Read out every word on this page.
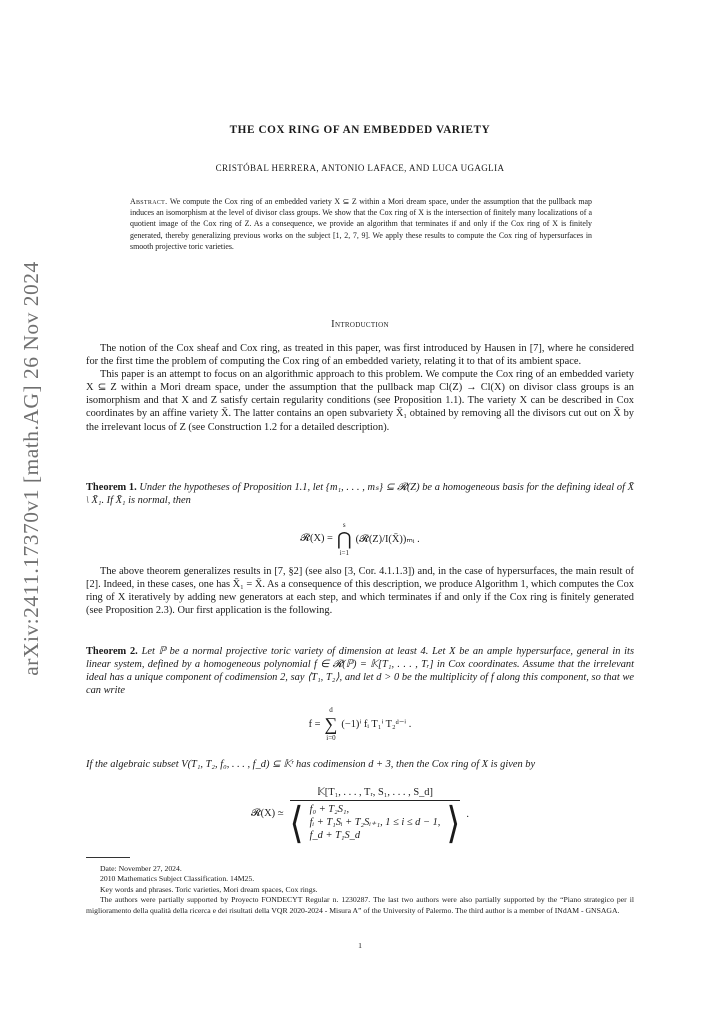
arXiv:2411.17370v1 [math.AG] 26 Nov 2024
THE COX RING OF AN EMBEDDED VARIETY
CRISTÓBAL HERRERA, ANTONIO LAFACE, AND LUCA UGAGLIA
Abstract. We compute the Cox ring of an embedded variety X ⊆ Z within a Mori dream space, under the assumption that the pullback map induces an isomorphism at the level of divisor class groups. We show that the Cox ring of X is the intersection of finitely many localizations of a quotient image of the Cox ring of Z. As a consequence, we provide an algorithm that terminates if and only if the Cox ring of X is finitely generated, thereby generalizing previous works on the subject [1, 2, 7, 9]. We apply these results to compute the Cox ring of hypersurfaces in smooth projective toric varieties.
Introduction

The notion of the Cox sheaf and Cox ring, as treated in this paper, was first introduced by Hausen in [7], where he considered for the first time the problem of computing the Cox ring of an embedded variety, relating it to that of its ambient space.

This paper is an attempt to focus on an algorithmic approach to this problem. We compute the Cox ring of an embedded variety X ⊆ Z within a Mori dream space, under the assumption that the pullback map Cl(Z) → Cl(X) on divisor class groups is an isomorphism and that X and Z satisfy certain regularity conditions (see Proposition 1.1). The variety X can be described in Cox coordinates by an affine variety X̄. The latter contains an open subvariety X̄₁ obtained by removing all the divisors cut out on X̄ by the irrelevant locus of Z (see Construction 1.2 for a detailed description).

Theorem 1. Under the hypotheses of Proposition 1.1, let {m₁, . . . , mₛ} ⊆ 𝓡(Z) be a homogeneous basis for the defining ideal of X̄ \ X̄₁. If X̄₁ is normal, then

𝓡(X) =
s
⋂
i=1
(𝓡(Z)/I(X̄))ₘᵢ .

The above theorem generalizes results in [7, §2] (see also [3, Cor. 4.1.1.3]) and, in the case of hypersurfaces, the main result of [2]. Indeed, in these cases, one has X̄₁ = X̄. As a consequence of this description, we produce Algorithm 1, which computes the Cox ring of X iteratively by adding new generators at each step, and which terminates if and only if the Cox ring is finitely generated (see Proposition 2.3). Our first application is the following.

Theorem 2. Let ℙ be a normal projective toric variety of dimension at least 4. Let X be an ample hypersurface, general in its linear system, defined by a homogeneous polynomial f ∈ 𝓡(ℙ) = 𝕂[T₁, . . . , Tᵣ] in Cox coordinates. Assume that the irrelevant ideal has a unique component of codimension 2, say ⟨T₁, T₂⟩, and let d > 0 be the multiplicity of f along this component, so that we can write

f =
d
∑
i=0
(−1)ⁱ fᵢ T₁ⁱ T₂ᵈ⁻ⁱ .

If the algebraic subset V(T₁, T₂, f₀, . . . , f_d) ⊆ 𝕂ʳ has codimension d + 3, then the Cox ring of X is given by

𝓡(X) ≃
𝕂[T₁, . . . , Tᵣ, S₁, . . . , S_d]
⟨ f₀ + T₂S₁,
fᵢ + T₁Sᵢ + T₂Sᵢ₊₁, 1 ≤ i ≤ d − 1,
f_d + T₁S_d	⟩ .
Date: November 27, 2024.
2010 Mathematics Subject Classification. 14M25.
Key words and phrases. Toric varieties, Mori dream spaces, Cox rings.
The authors were partially supported by Proyecto FONDECYT Regular n. 1230287. The last two authors were also partially supported by the “Piano strategico per il miglioramento della qualità della ricerca e dei risultati della VQR 2020-2024 - Misura A” of the University of Palermo. The third author is a member of INdAM - GNSAGA.
1
